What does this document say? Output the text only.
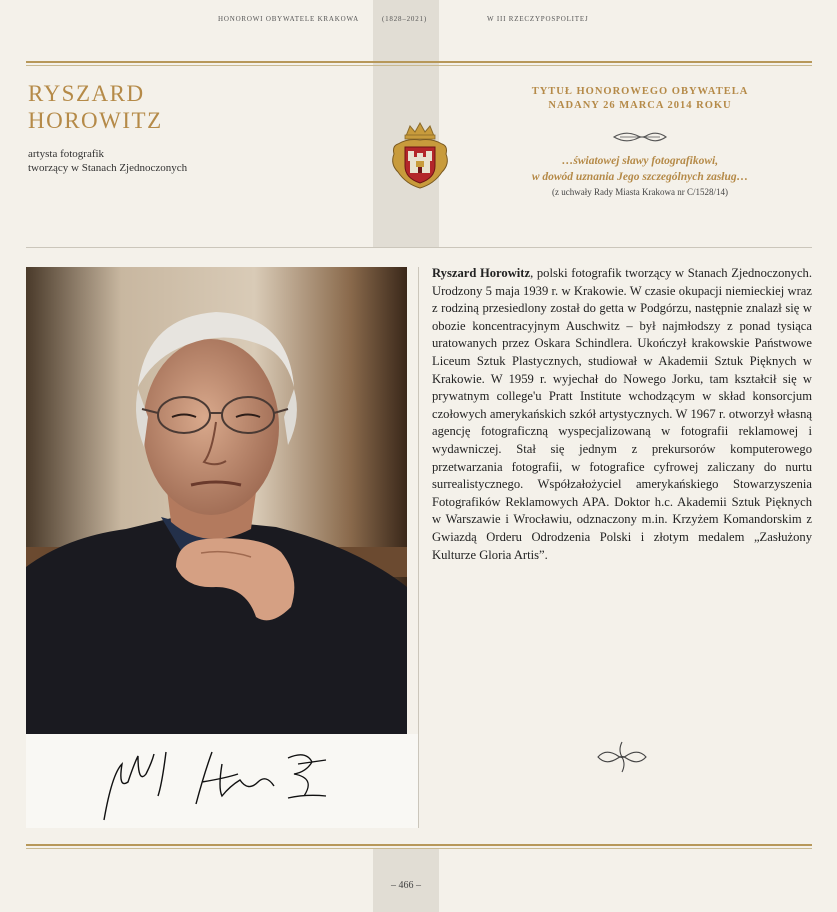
HONOROWI OBYWATELE KRAKOWA	(1828–2021)	W III RZECZYPOSPOLITEJ
RYSZARD
HOROWITZ
artysta fotografik
tworzący w Stanach Zjednoczonych
TYTUŁ HONOROWEGO OBYWATELA
NADANY 26 MARCA 2014 ROKU
…światowej sławy fotografikowi,
w dowód uznania Jego szczególnych zasług…
(z uchwały Rady Miasta Krakowa nr C/1528/14)
Ryszard Horowitz, polski fotografik tworzący w Stanach Zjednoczonych. Urodzony 5 maja 1939 r. w Krakowie. W czasie okupacji niemieckiej wraz z rodziną przesiedlony został do getta w Podgórzu, następnie znalazł się w obozie koncentracyjnym Auschwitz – był najmłodszy z ponad tysiąca uratowanych przez Oskara Schindlera. Ukończył krakowskie Państwowe Liceum Sztuk Plastycznych, studiował w Akademii Sztuk Pięknych w Krakowie. W 1959 r. wyjechał do Nowego Jorku, tam kształcił się w prywatnym college'u Pratt Institute wchodzącym w skład konsorcjum czołowych amerykańskich szkół artystycznych. W 1967 r. otworzył własną agencję fotograficzną wyspecjalizowaną w fotografii reklamowej i wydawniczej. Stał się jednym z prekursorów komputerowego przetwarzania fotografii, w fotografice cyfrowej zaliczany do nurtu surrealistycznego. Współzałożyciel amerykańskiego Stowarzyszenia Fotografików Reklamowych APA. Doktor h.c. Akademii Sztuk Pięknych w Warszawie i Wrocławiu, odznaczony m.in. Krzyżem Komandorskim z Gwiazdą Orderu Odrodzenia Polski i złotym medalem „Zasłużony Kulturze Gloria Artis”.
– 466 –
